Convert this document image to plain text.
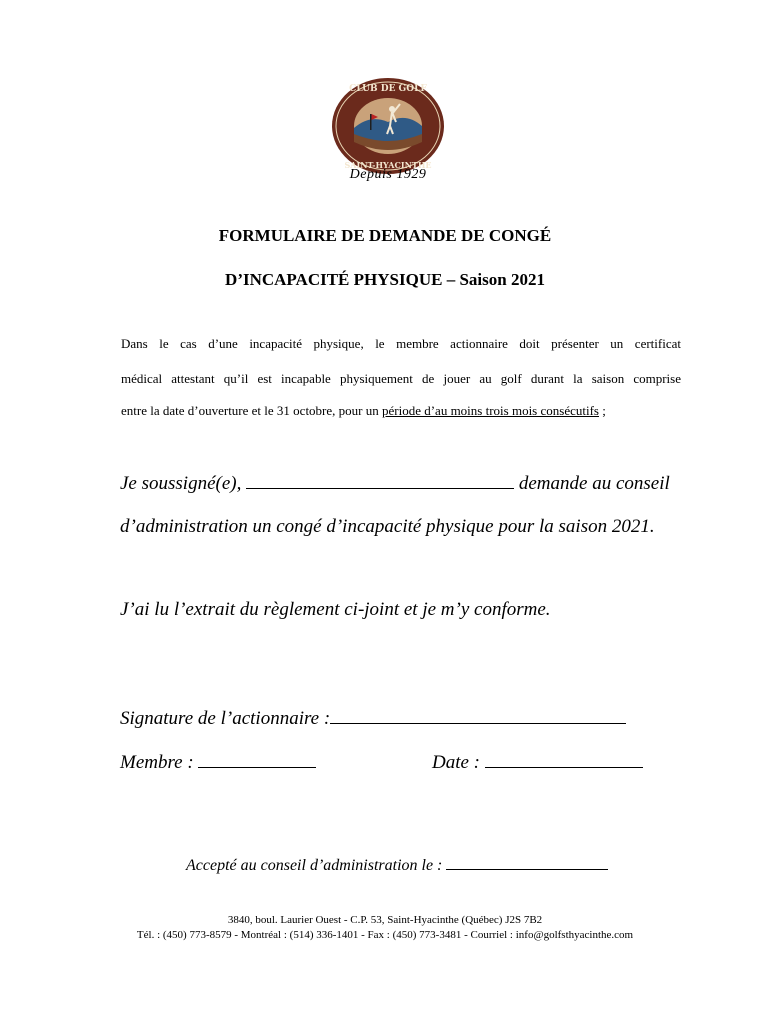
CLUB DE GOLF
SAINT-HYACINTHE
Depuis 1929
FORMULAIRE DE DEMANDE DE CONGÉ
D’INCAPACITÉ PHYSIQUE – Saison 2021
Dans le cas d’une incapacité physique, le membre actionnaire doit présenter un certificat
médical attestant qu’il est incapable physiquement de jouer au golf durant la saison comprise
entre la date d’ouverture et le 31 octobre, pour un période d’au moins trois mois consécutifs ;
Je soussigné(e),	demande au conseil
d’administration un congé d’incapacité physique pour la saison 2021.
J’ai lu l’extrait du règlement ci-joint et je m’y conforme.
Signature de l’actionnaire :
Membre :	Date :
Accepté au conseil d’administration le :
3840, boul. Laurier Ouest - C.P. 53, Saint-Hyacinthe (Québec) J2S 7B2
Tél. : (450) 773-8579 - Montréal : (514) 336-1401 - Fax : (450) 773-3481 - Courriel : info@golfsthyacinthe.com
